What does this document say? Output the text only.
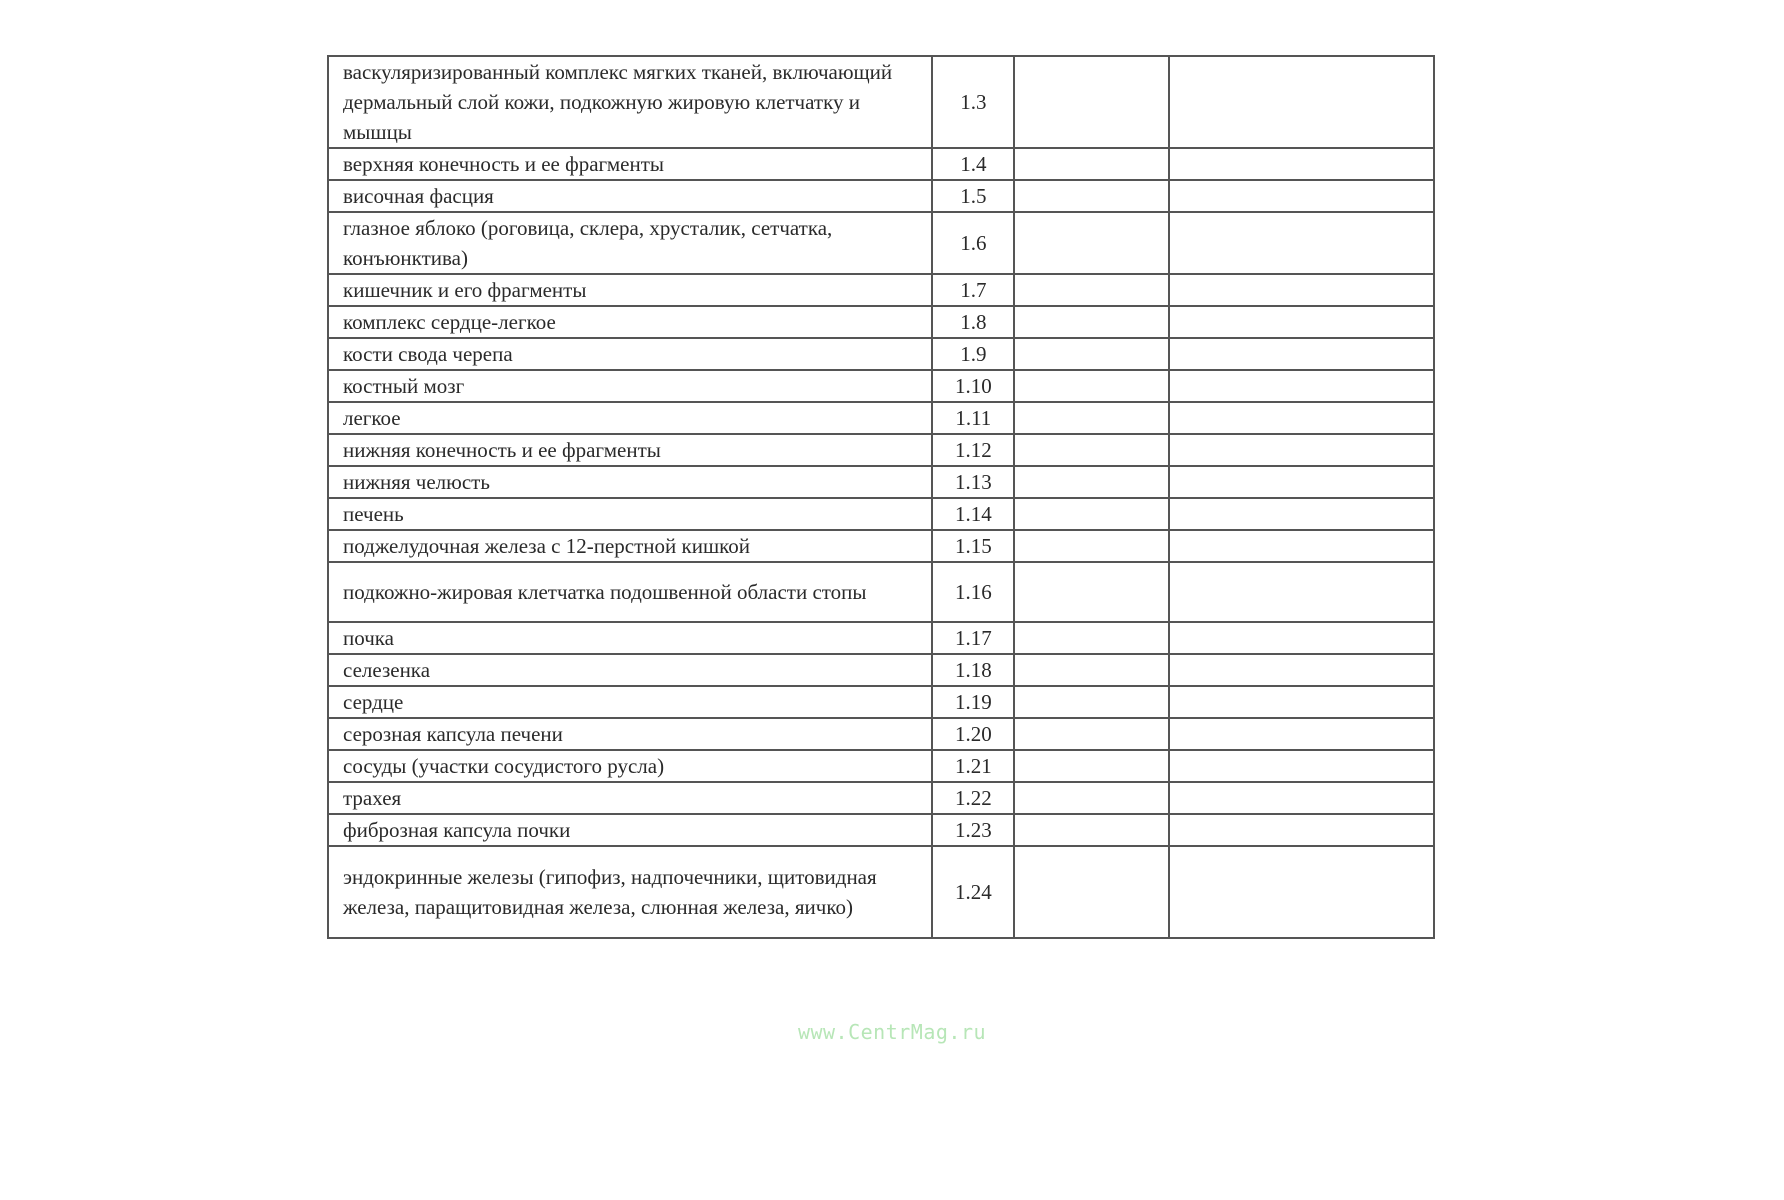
васкуляризированный комплекс мягких тканей, включающий дермальный слой кожи, подкожную жировую клетчатку и мышцы	1.3		
верхняя конечность и ее фрагменты	1.4		
височная фасция	1.5		
глазное яблоко (роговица, склера, хрусталик, сетчатка, конъюнктива)	1.6		
кишечник и его фрагменты	1.7		
комплекс сердце-легкое	1.8		
кости свода черепа	1.9		
костный мозг	1.10		
легкое	1.11		
нижняя конечность и ее фрагменты	1.12		
нижняя челюсть	1.13		
печень	1.14		
поджелудочная железа с 12-перстной кишкой	1.15		
подкожно-жировая клетчатка подошвенной области стопы	1.16		
почка	1.17		
селезенка	1.18		
сердце	1.19		
серозная капсула печени	1.20		
сосуды (участки сосудистого русла)	1.21		
трахея	1.22		
фиброзная капсула почки	1.23		
эндокринные железы (гипофиз, надпочечники, щитовидная железа, паращитовидная железа, слюнная железа, яичко)	1.24		
www.CentrMag.ru
